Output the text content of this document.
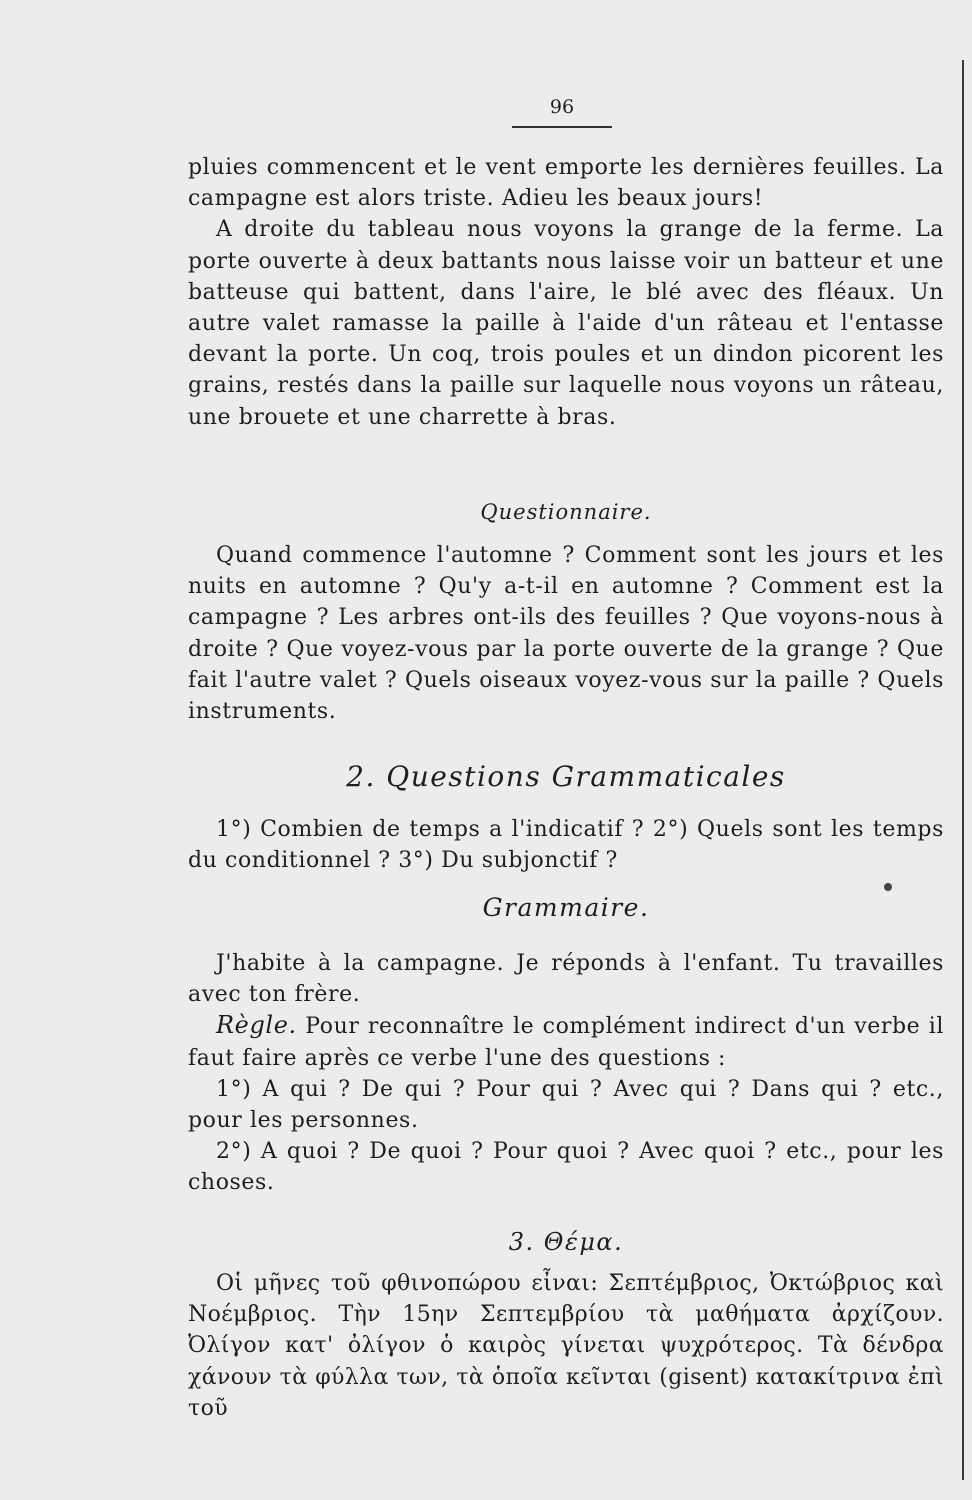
96

pluies commencent et le vent emporte les dernières feuilles. La campagne est alors triste. Adieu les beaux jours!

A droite du tableau nous voyons la grange de la ferme. La porte ouverte à deux battants nous laisse voir un batteur et une batteuse qui battent, dans l'aire, le blé avec des fléaux. Un autre valet ramasse la paille à l'aide d'un râteau et l'entasse devant la porte. Un coq, trois poules et un dindon picorent les grains, restés dans la paille sur laquelle nous voyons un râteau, une brouete et une charrette à bras.

Questionnaire.

Quand commence l'automne ? Comment sont les jours et les nuits en automne ? Qu'y a-t-il en automne ? Comment est la campagne ? Les arbres ont-ils des feuilles ? Que voyons-nous à droite ? Que voyez-vous par la porte ouverte de la grange ? Que fait l'autre valet ? Quels oiseaux voyez-vous sur la paille ? Quels instruments.

2. Questions Grammaticales

1°) Combien de temps a l'indicatif ? 2°) Quels sont les temps du conditionnel ? 3°) Du subjonctif ?

Grammaire.

J'habite à la campagne. Je réponds à l'enfant. Tu travailles avec ton frère.

Règle. Pour reconnaître le complément indirect d'un verbe il faut faire après ce verbe l'une des questions :

1°) A qui ? De qui ? Pour qui ? Avec qui ? Dans qui ? etc., pour les personnes.

2°) A quoi ? De quoi ? Pour quoi ? Avec quoi ? etc., pour les choses.

3. Θέμα.

Οἱ μῆνες τοῦ φθινοπώρου εἶναι: Σεπτέμβριος, Ὀκτώβριος καὶ Νοέμβριος. Τὴν 15ην Σεπτεμβρίου τὰ μαθήματα ἀρχίζουν. Ὀλίγον κατ' ὀλίγον ὁ καιρὸς γίνεται ψυχρότερος. Τὰ δένδρα χάνουν τὰ φύλλα των, τὰ ὁποῖα κεῖνται (gisent) κατακίτρινα ἐπὶ τοῦ
